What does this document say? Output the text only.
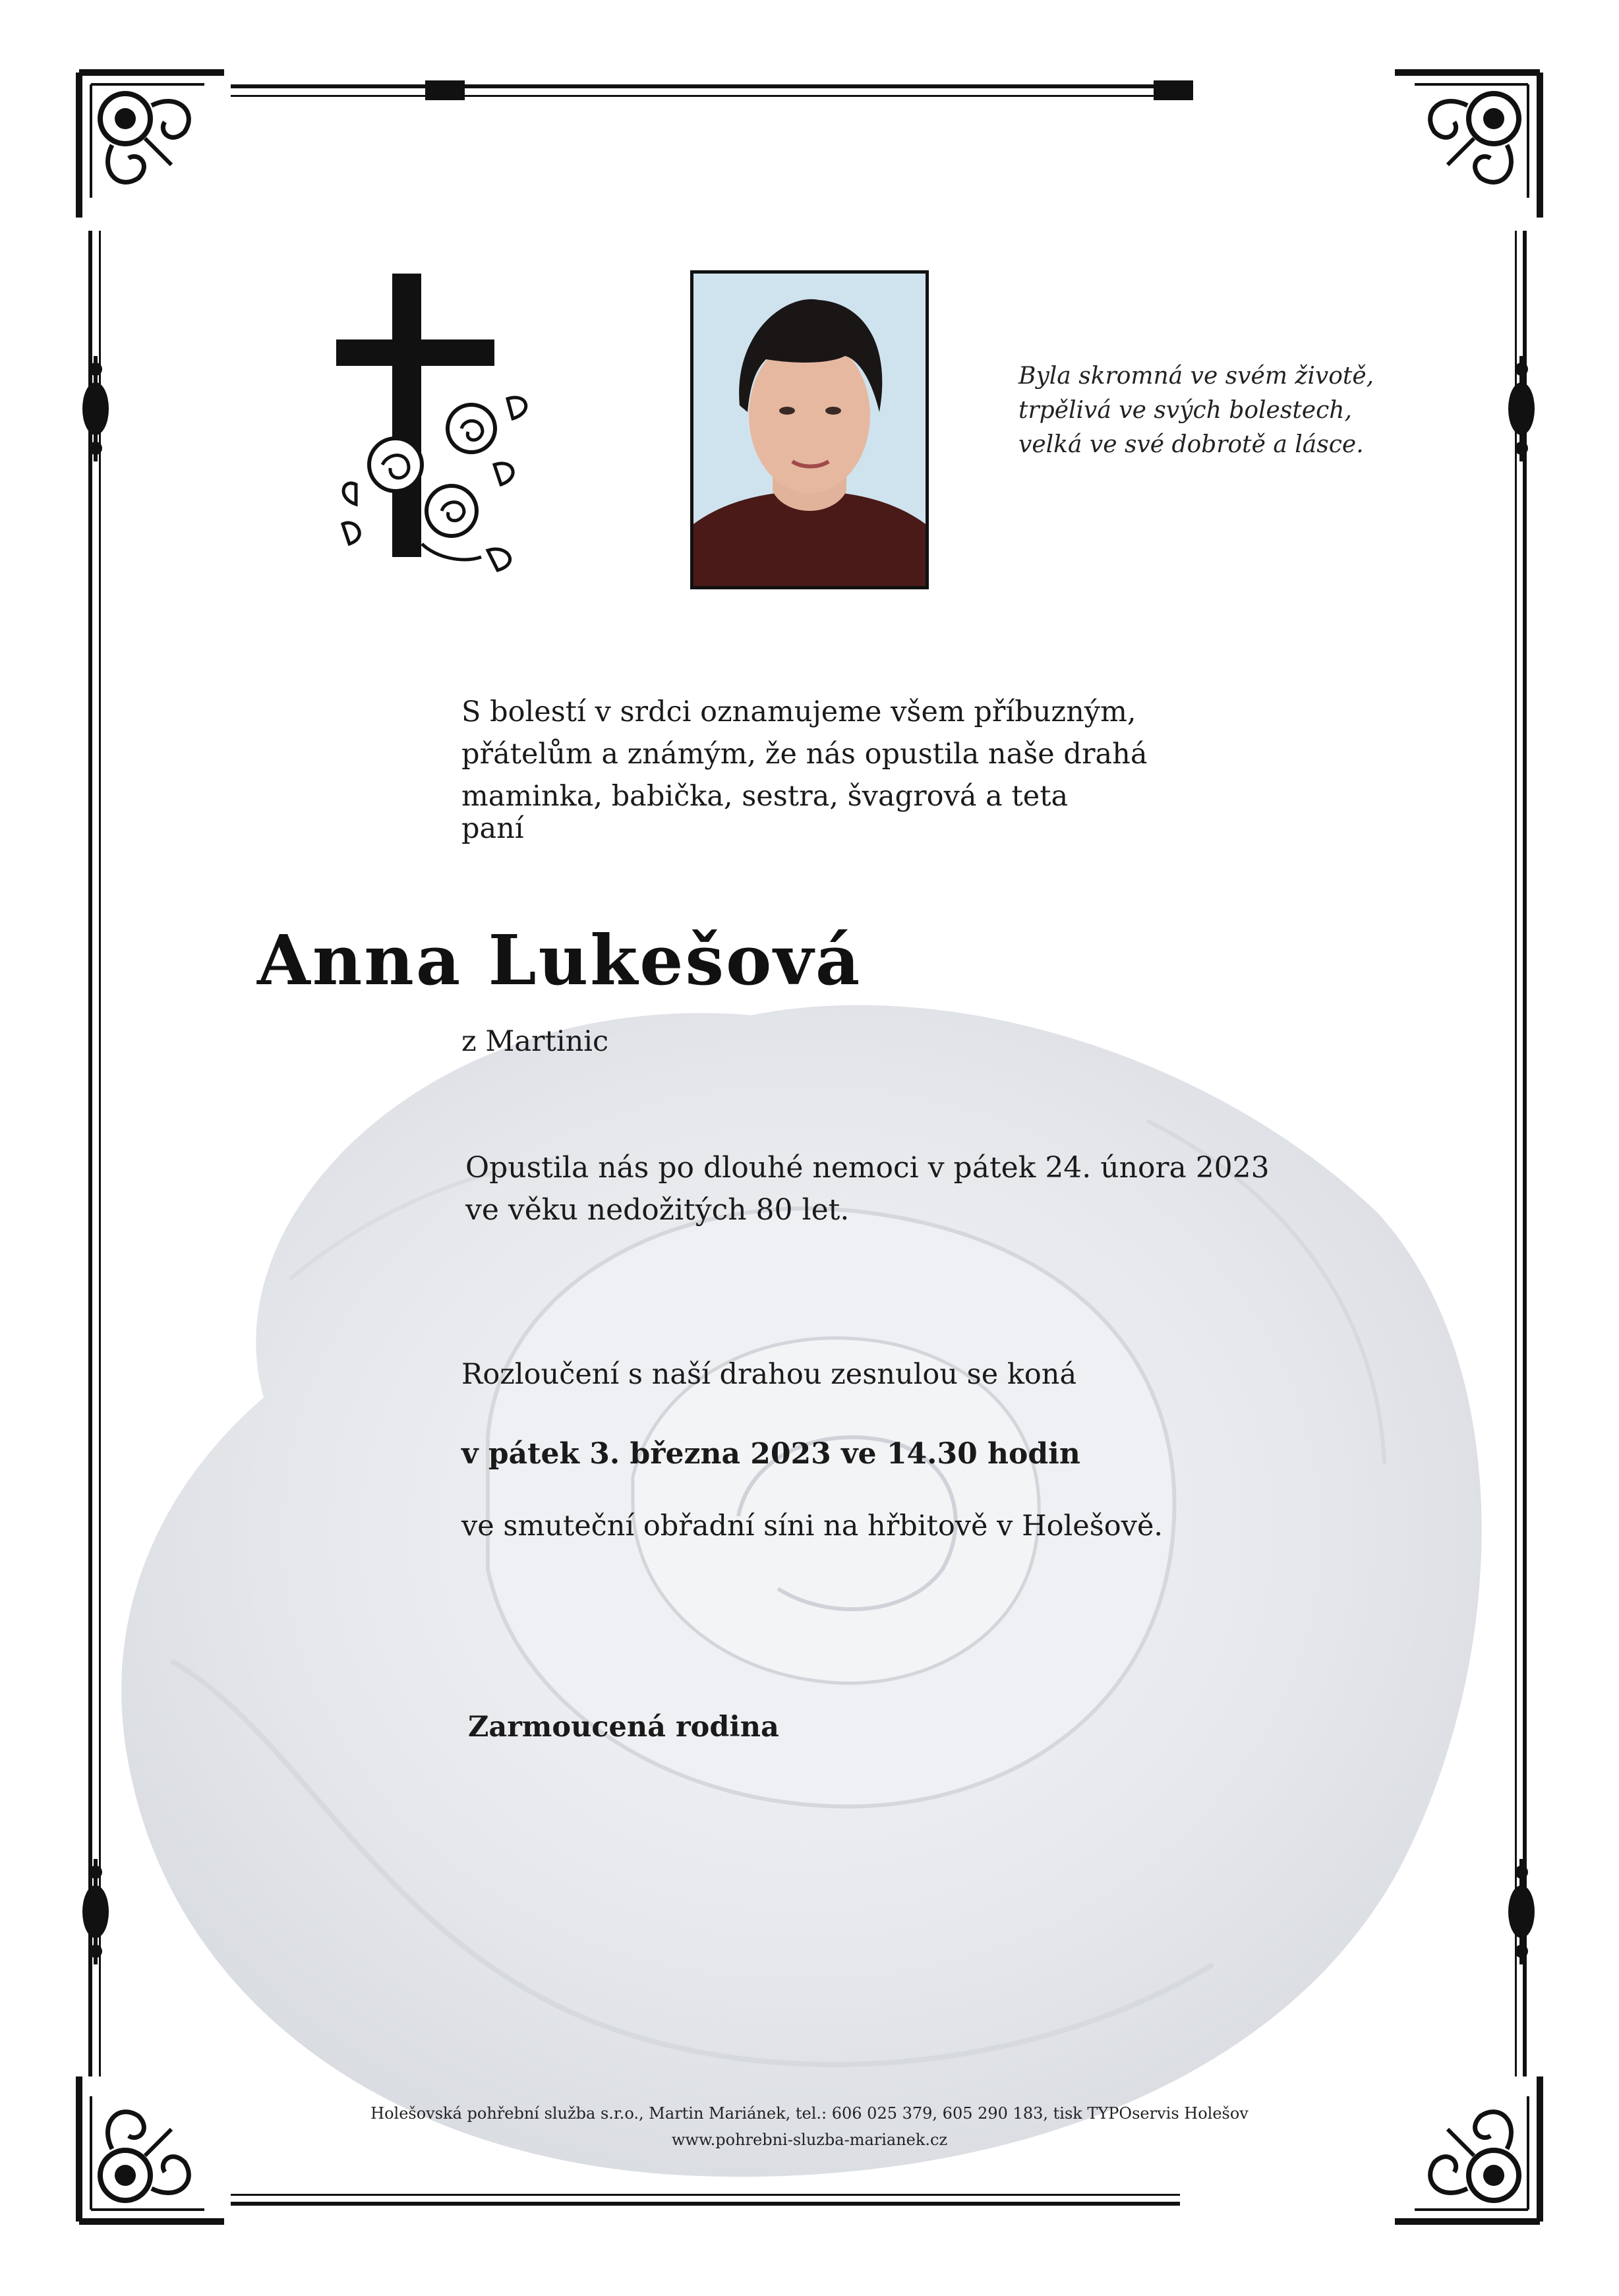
Byla skromná ve svém životě,
trpělivá ve svých bolestech,
velká ve své dobrotě a lásce.
S bolestí v srdci oznamujeme všem příbuzným,
přátelům a známým, že nás opustila naše drahá
maminka, babička, sestra, švagrová a teta
paní
Anna Lukešová
z Martinic
Opustila nás po dlouhé nemoci v pátek 24. února 2023
ve věku nedožitých 80 let.
Rozloučení s naší drahou zesnulou se koná
v pátek 3. března 2023 ve 14.30 hodin
ve smuteční obřadní síni na hřbitově v Holešově.
Zarmoucená rodina
Holešovská pohřební služba s.r.o., Martin Mariánek, tel.: 606 025 379, 605 290 183, tisk TYPOservis Holešov
www.pohrebni-sluzba-marianek.cz
